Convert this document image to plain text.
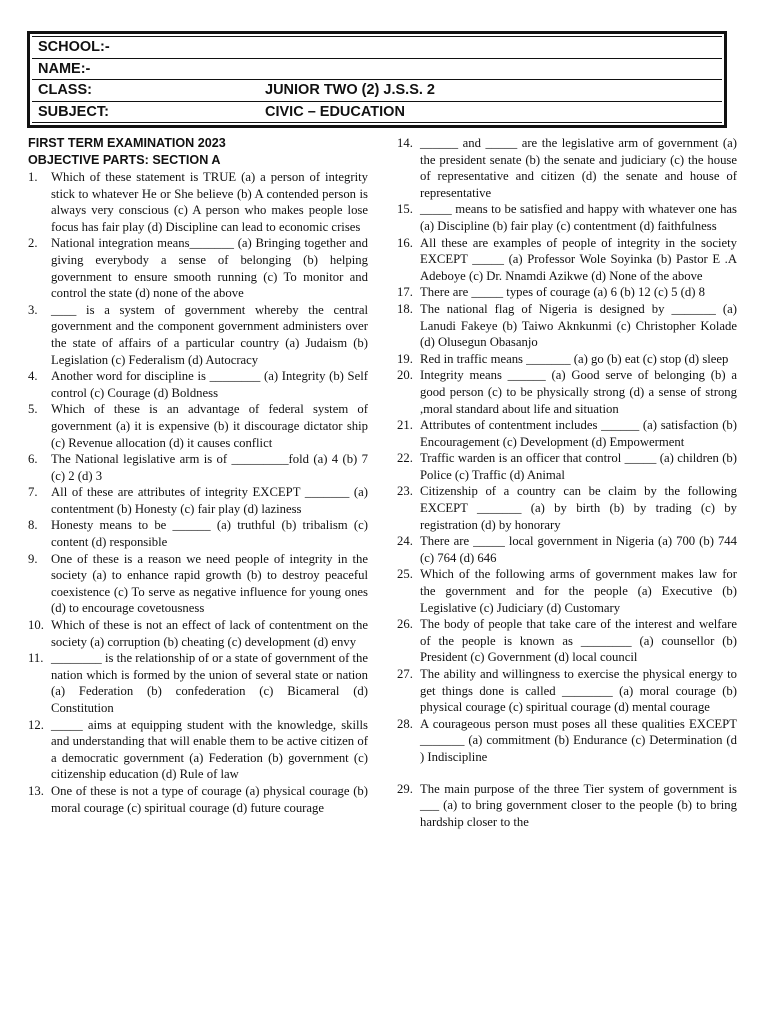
SCHOOL:-
NAME:-
CLASS:	JUNIOR TWO (2) J.S.S. 2
SUBJECT:	CIVIC – EDUCATION
FIRST TERM EXAMINATION 2023
OBJECTIVE PARTS: SECTION A
1. Which of these statement is TRUE (a) a person of integrity stick to whatever He or She believe (b) A contended person is always very conscious (c) A person who makes people lose focus has fair play (d) Discipline can lead to economic crises
2. National integration means_______ (a) Bringing together and giving everybody a sense of belonging (b) helping government to ensure smooth running (c) To monitor and control the state (d) none of the above
3. ____ is a system of government whereby the central government and the component government administers over the state of affairs of a particular country (a) Judaism (b) Legislation (c) Federalism (d) Autocracy
4. Another word for discipline is ________ (a) Integrity (b) Self control (c) Courage (d) Boldness
5. Which of these is an advantage of federal system of government (a) it is expensive (b) it discourage dictator ship (c) Revenue allocation (d) it causes conflict
6. The National legislative arm is of _________fold (a) 4 (b) 7 (c) 2 (d) 3
7. All of these are attributes of integrity EXCEPT _______ (a) contentment (b) Honesty (c) fair play (d) laziness
8. Honesty means to be ______ (a) truthful (b) tribalism (c) content (d) responsible
9. One of these is a reason we need people of integrity in the society (a) to enhance rapid growth (b) to destroy peaceful coexistence (c) To serve as negative influence for young ones (d) to encourage covetousness
10. Which of these is not an effect of lack of contentment on the society (a) corruption (b) cheating (c) development (d) envy
11. ________ is the relationship of or a state of government of the nation which is formed by the union of several state or nation (a) Federation (b) confederation (c) Bicameral (d) Constitution
12. _____ aims at equipping student with the knowledge, skills and understanding that will enable them to be active citizen of a democratic government (a) Federation (b) government (c) citizenship education (d) Rule of law
13. One of these is not a type of courage (a) physical courage (b) moral courage (c) spiritual courage (d) future courage
14. ______ and _____ are the legislative arm of government (a) the president senate (b) the senate and judiciary (c) the house of representative and citizen (d) the senate and house of representative
15. _____ means to be satisfied and happy with whatever one has (a) Discipline (b) fair play (c) contentment (d) faithfulness
16. All these are examples of people of integrity in the society EXCEPT _____ (a) Professor Wole Soyinka (b) Pastor E .A Adeboye (c) Dr. Nnamdi Azikwe (d) None of the above
17. There are _____ types of courage (a) 6 (b) 12 (c) 5 (d) 8
18. The national flag of Nigeria is designed by _______ (a) Lanudi Fakeye (b) Taiwo Aknkunmi (c) Christopher Kolade (d) Olusegun Obasanjo
19. Red in traffic means _______ (a) go (b) eat (c) stop (d) sleep
20. Integrity means ______ (a) Good serve of belonging (b) a good person (c) to be physically strong (d) a sense of strong ,moral standard about life and situation
21. Attributes of contentment includes ______ (a) satisfaction (b) Encouragement (c) Development (d) Empowerment
22. Traffic warden is an officer that control _____ (a) children (b) Police (c) Traffic (d) Animal
23. Citizenship of a country can be claim by the following EXCEPT _______ (a) by birth (b) by trading (c) by registration (d) by honorary
24. There are _____ local government in Nigeria (a) 700 (b) 744 (c) 764 (d) 646
25. Which of the following arms of government makes law for the government and for the people (a) Executive (b) Legislative (c) Judiciary (d) Customary
26. The body of people that take care of the interest and welfare of the people is known as ________ (a) counsellor (b) President (c) Government (d) local council
27. The ability and willingness to exercise the physical energy to get things done is called ________ (a) moral courage (b) physical courage (c) spiritual courage (d) mental courage
28. A courageous person must poses all these qualities EXCEPT _______ (a) commitment (b) Endurance (c) Determination (d ) Indiscipline
29. The main purpose of the three Tier system of government is ___ (a) to bring government closer to the people (b) to bring hardship closer to the
